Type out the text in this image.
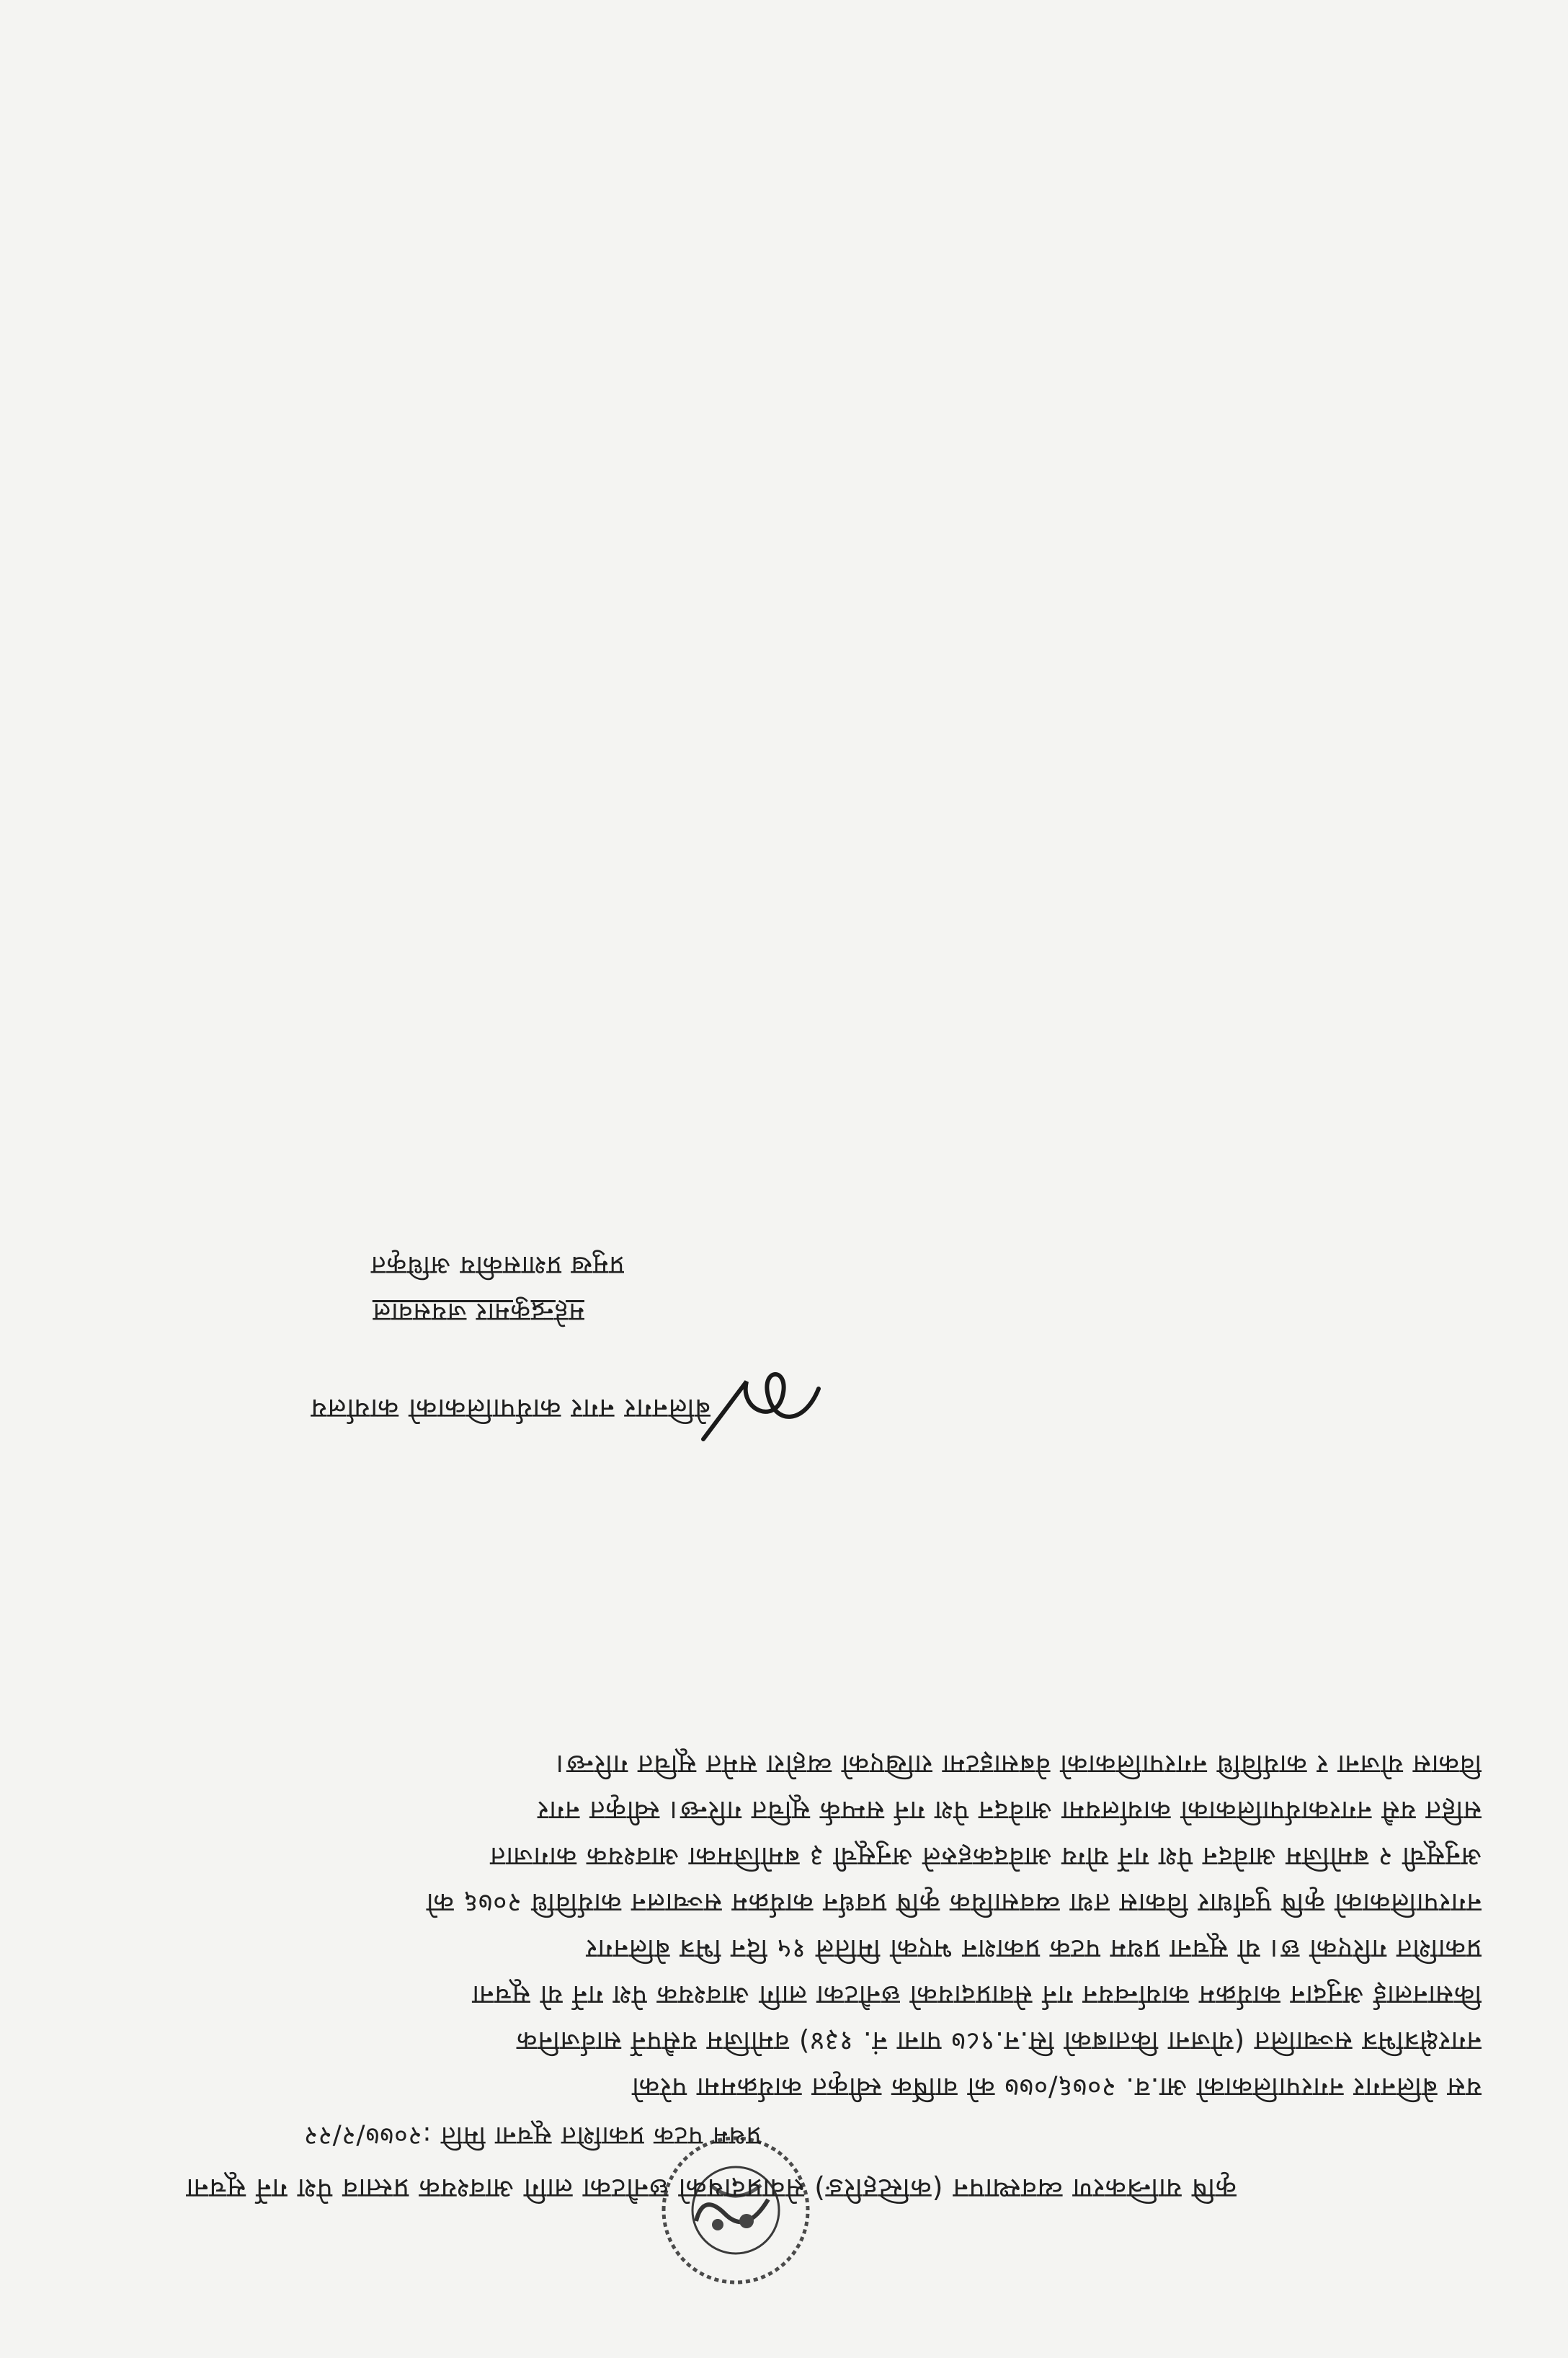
कृषि यान्त्रिकरण व्यवस्थापन (कस्टिहरिङ) सेवाप्रदायको छनौटका लागि आवश्यक प्रस्ताव पेश गर्ने सूचना
प्रथम पटक प्रकाशित सूचना मिति :२०७७/२/२२
यस बेलिनगर नगरपालिकाको आ.व. २०७६/०७७ को वार्षिक स्वीकृत कार्यक्रममा परेको
नगरक्षेत्रभित्र सञ्चालित (योजना किताबको सि.न.९८७ पाना नं. १३४) वमोजिम यसैपर्ने सार्वजनिक
किसानलाई अनुदान कार्यक्रम कार्यान्वयन गर्न सेवाप्रदायको छनौटका लागि आवश्यक पेश गर्ने यो सूचना
प्रकाशित गरिएको छ। यो सूचना प्रथम पटक प्रकाशन भएको मितिले १५ दिन भित्र बेलिनगर
नगरपालिकाको कृषि पुर्वाधार विकास तथा व्यवसायिक कृषि प्रवर्धन कार्यक्रम सञ्चालन कार्यविधि २०७६ को
अनुसूची २ बमोजिम आवेदन पेश गर्ने योग्य आवेदकहरुले अनुसूची ३ बमोजिमका आवश्यक कागजात
सहित यसै नगरकार्यपालिकाको कार्यालयमा आवेदन पेश गर्न सम्पर्क सूचित गरिन्छ। स्वीकृत नगर
विकास योजना र कार्यविधि नगरपालिकाको वेबसाइटमा राखिएको व्यहोरा समेत सूचित गरिन्छ।
बेलिनगर नगर कार्यपालिकाको कार्यालय
महेन्द्रकुमार जयसवाल
प्रमुख प्रशासकीय अधिकृत
